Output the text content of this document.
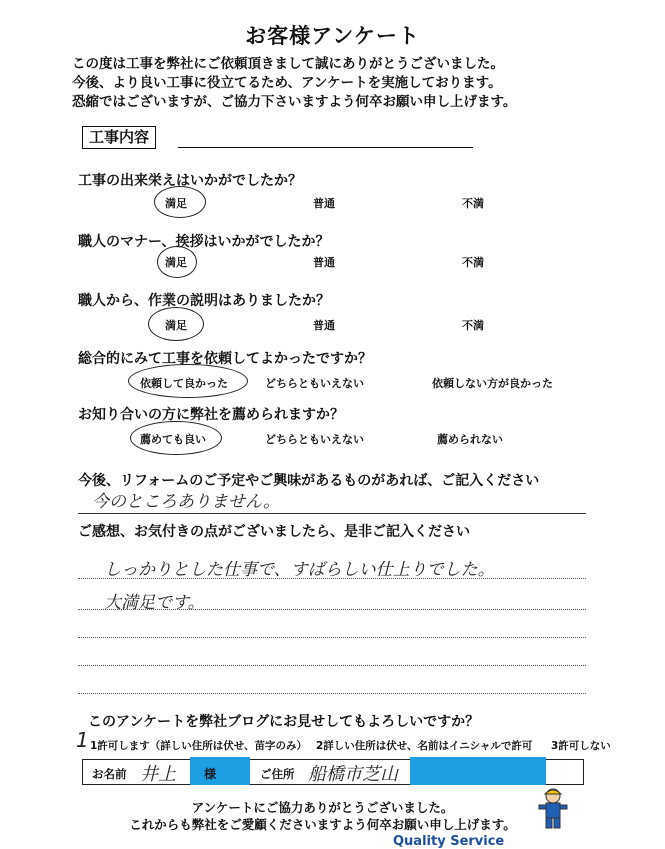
お客様アンケート
この度は工事を弊社にご依頼頂きまして誠にありがとうございました。
今後、より良い工事に役立てるため、アンケートを実施しております。
恐縮ではございますが、ご協力下さいますよう何卒お願い申し上げます。
工事内容
工事の出来栄えはいかがでしたか？
満足	普通	不満
職人のマナー、挨拶はいかがでしたか？
満足	普通	不満
職人から、作業の説明はありましたか？
満足	普通	不満
総合的にみて工事を依頼してよかったですか？
依頼して良かった	どちらともいえない	依頼しない方が良かった
お知り合いの方に弊社を薦められますか？
薦めても良い	どちらともいえない	薦められない
今後、リフォームのご予定やご興味があるものがあれば、ご記入ください
今のところありません。
ご感想、お気付きの点がございましたら、是非ご記入ください
しっかりとした仕事で、すばらしい仕上りでした。
大満足です。
このアンケートを弊社ブログにお見せしてもよろしいですか？
1 1許可します（詳しい住所は伏せ、苗字のみ） 2詳しい住所は伏せ、名前はイニシャルで許可 3許可しない
お名前 井上 様	ご住所 船橋市芝山
アンケートにご協力ありがとうございました。
これからも弊社をご愛顧くださいますよう何卒お願い申し上げます。
Quality Service
